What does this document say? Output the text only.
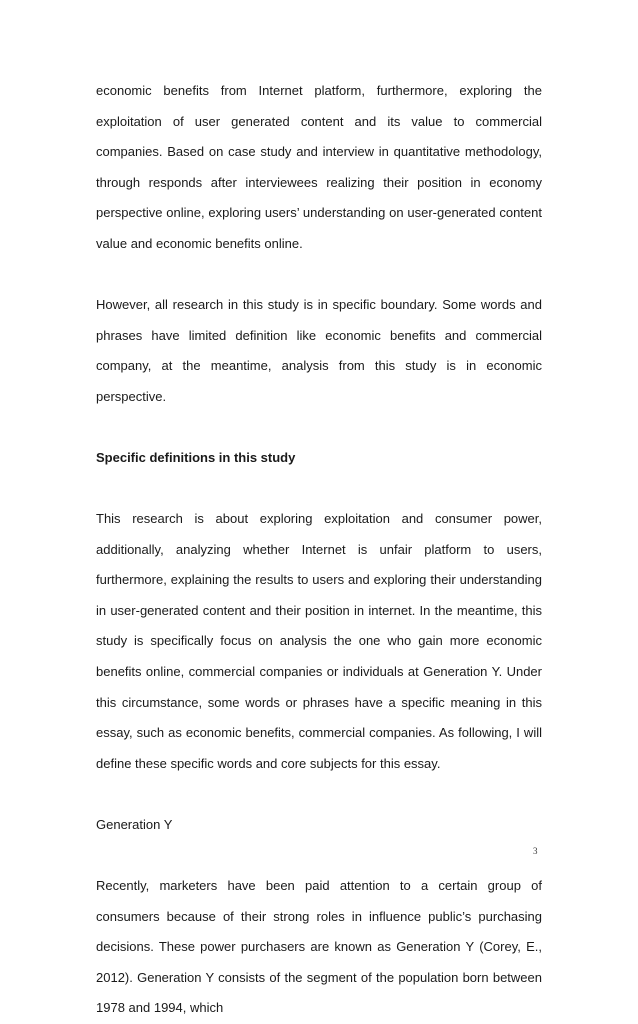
economic benefits from Internet platform, furthermore, exploring the exploitation of user generated content and its value to commercial companies. Based on case study and interview in quantitative methodology, through responds after interviewees realizing their position in economy perspective online, exploring users’ understanding on user-generated content value and economic benefits online.

However, all research in this study is in specific boundary. Some words and phrases have limited definition like economic benefits and commercial company, at the meantime, analysis from this study is in economic perspective.

Specific definitions in this study

This research is about exploring exploitation and consumer power, additionally, analyzing whether Internet is unfair platform to users, furthermore, explaining the results to users and exploring their understanding in user-generated content and their position in internet. In the meantime, this study is specifically focus on analysis the one who gain more economic benefits online, commercial companies or individuals at Generation Y. Under this circumstance, some words or phrases have a specific meaning in this essay, such as economic benefits, commercial companies. As following, I will define these specific words and core subjects for this essay.

Generation Y

Recently, marketers have been paid attention to a certain group of consumers because of their strong roles in influence public’s purchasing decisions. These power purchasers are known as Generation Y (Corey, E., 2012). Generation Y consists of the segment of the population born between 1978 and 1994, which

3
